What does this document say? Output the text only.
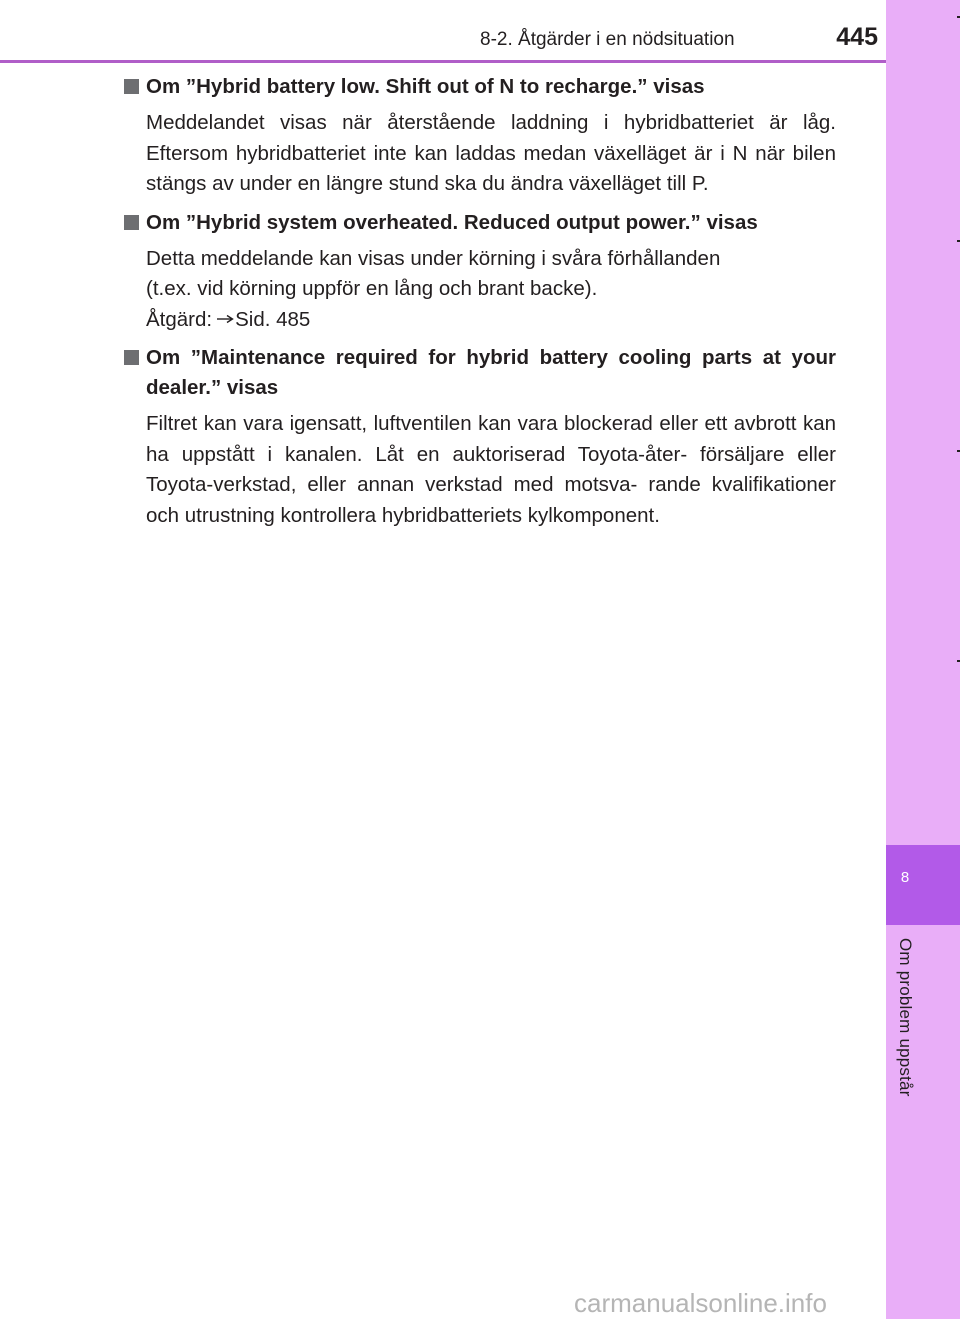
8-2. Åtgärder i en nödsituation	445
8
Om problem uppstår
Om ”Hybrid battery low. Shift out of N to recharge.” visas
Meddelandet visas när återstående laddning i hybridbatteriet är låg. Eftersom hybridbatteriet inte kan laddas medan växelläget är i N när bilen stängs av under en längre stund ska du ändra växelläget till P.
Om ”Hybrid system overheated. Reduced output power.” visas
Detta meddelande kan visas under körning i svåra förhållanden
(t.ex. vid körning uppför en lång och brant backe).
Åtgärd: Sid. 485
Om ”Maintenance required for hybrid battery cooling parts at your dealer.” visas
Filtret kan vara igensatt, luftventilen kan vara blockerad eller ett avbrott kan ha uppstått i kanalen. Låt en auktoriserad Toyota-åter- försäljare eller Toyota-verkstad, eller annan verkstad med motsva- rande kvalifikationer och utrustning kontrollera hybridbatteriets kylkomponent.
carmanualsonline.info
